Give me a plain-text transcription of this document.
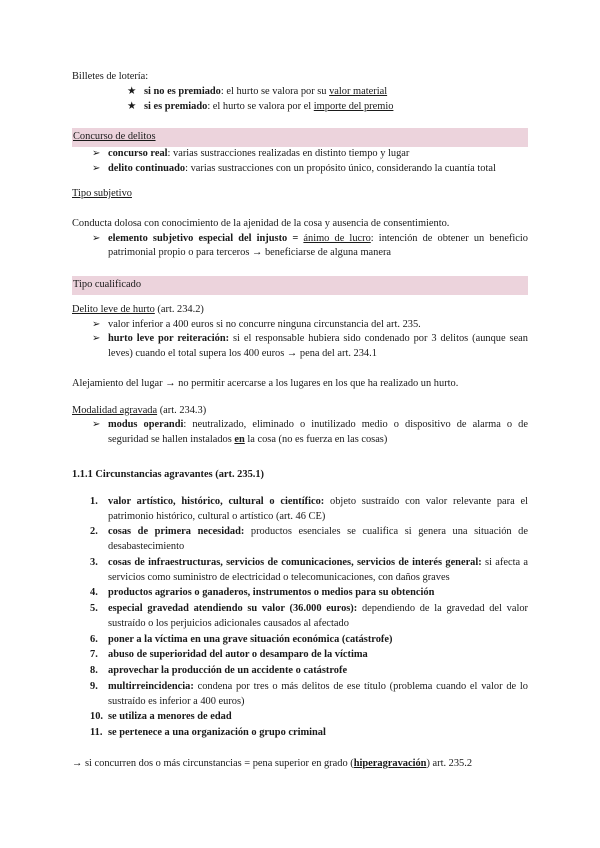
Billetes de lotería:

★ si no es premiado: el hurto se valora por su valor material
★ si es premiado: el hurto se valora por el importe del premio

Concurso de delitos

➢ concurso real: varias sustracciones realizadas en distinto tiempo y lugar
➢ delito continuado: varias sustracciones con un propósito único, considerando la cuantía total

Tipo subjetivo

Conducta dolosa con conocimiento de la ajenidad de la cosa y ausencia de consentimiento.

➢ elemento subjetivo especial del injusto = ánimo de lucro: intención de obtener un beneficio patrimonial propio o para terceros → beneficiarse de alguna manera

Tipo cualificado

Delito leve de hurto (art. 234.2)

➢ valor inferior a 400 euros si no concurre ninguna circunstancia del art. 235.
➢ hurto leve por reiteración: si el responsable hubiera sido condenado por 3 delitos (aunque sean leves) cuando el total supera los 400 euros → pena del art. 234.1

Alejamiento del lugar → no permitir acercarse a los lugares en los que ha realizado un hurto.

Modalidad agravada (art. 234.3)

➢ modus operandi: neutralizado, eliminado o inutilizado medio o dispositivo de alarma o de seguridad se hallen instalados en la cosa (no es fuerza en las cosas)

1.1.1 Circunstancias agravantes (art. 235.1)

1. valor artístico, histórico, cultural o científico: objeto sustraído con valor relevante para el patrimonio histórico, cultural o artístico (art. 46 CE)
2. cosas de primera necesidad: productos esenciales se cualifica si genera una situación de desabastecimiento
3. cosas de infraestructuras, servicios de comunicaciones, servicios de interés general: si afecta a servicios como suministro de electricidad o telecomunicaciones, con daños graves
4. productos agrarios o ganaderos, instrumentos o medios para su obtención
5. especial gravedad atendiendo su valor (36.000 euros): dependiendo de la gravedad del valor sustraído o los perjuicios adicionales causados al afectado
6. poner a la víctima en una grave situación económica (catástrofe)
7. abuso de superioridad del autor o desamparo de la víctima
8. aprovechar la producción de un accidente o catástrofe
9. multirreincidencia: condena por tres o más delitos de ese título (problema cuando el valor de lo sustraído es inferior a 400 euros)
10. se utiliza a menores de edad
11. se pertenece a una organización o grupo criminal

→ si concurren dos o más circunstancias = pena superior en grado (hiperagravación) art. 235.2
